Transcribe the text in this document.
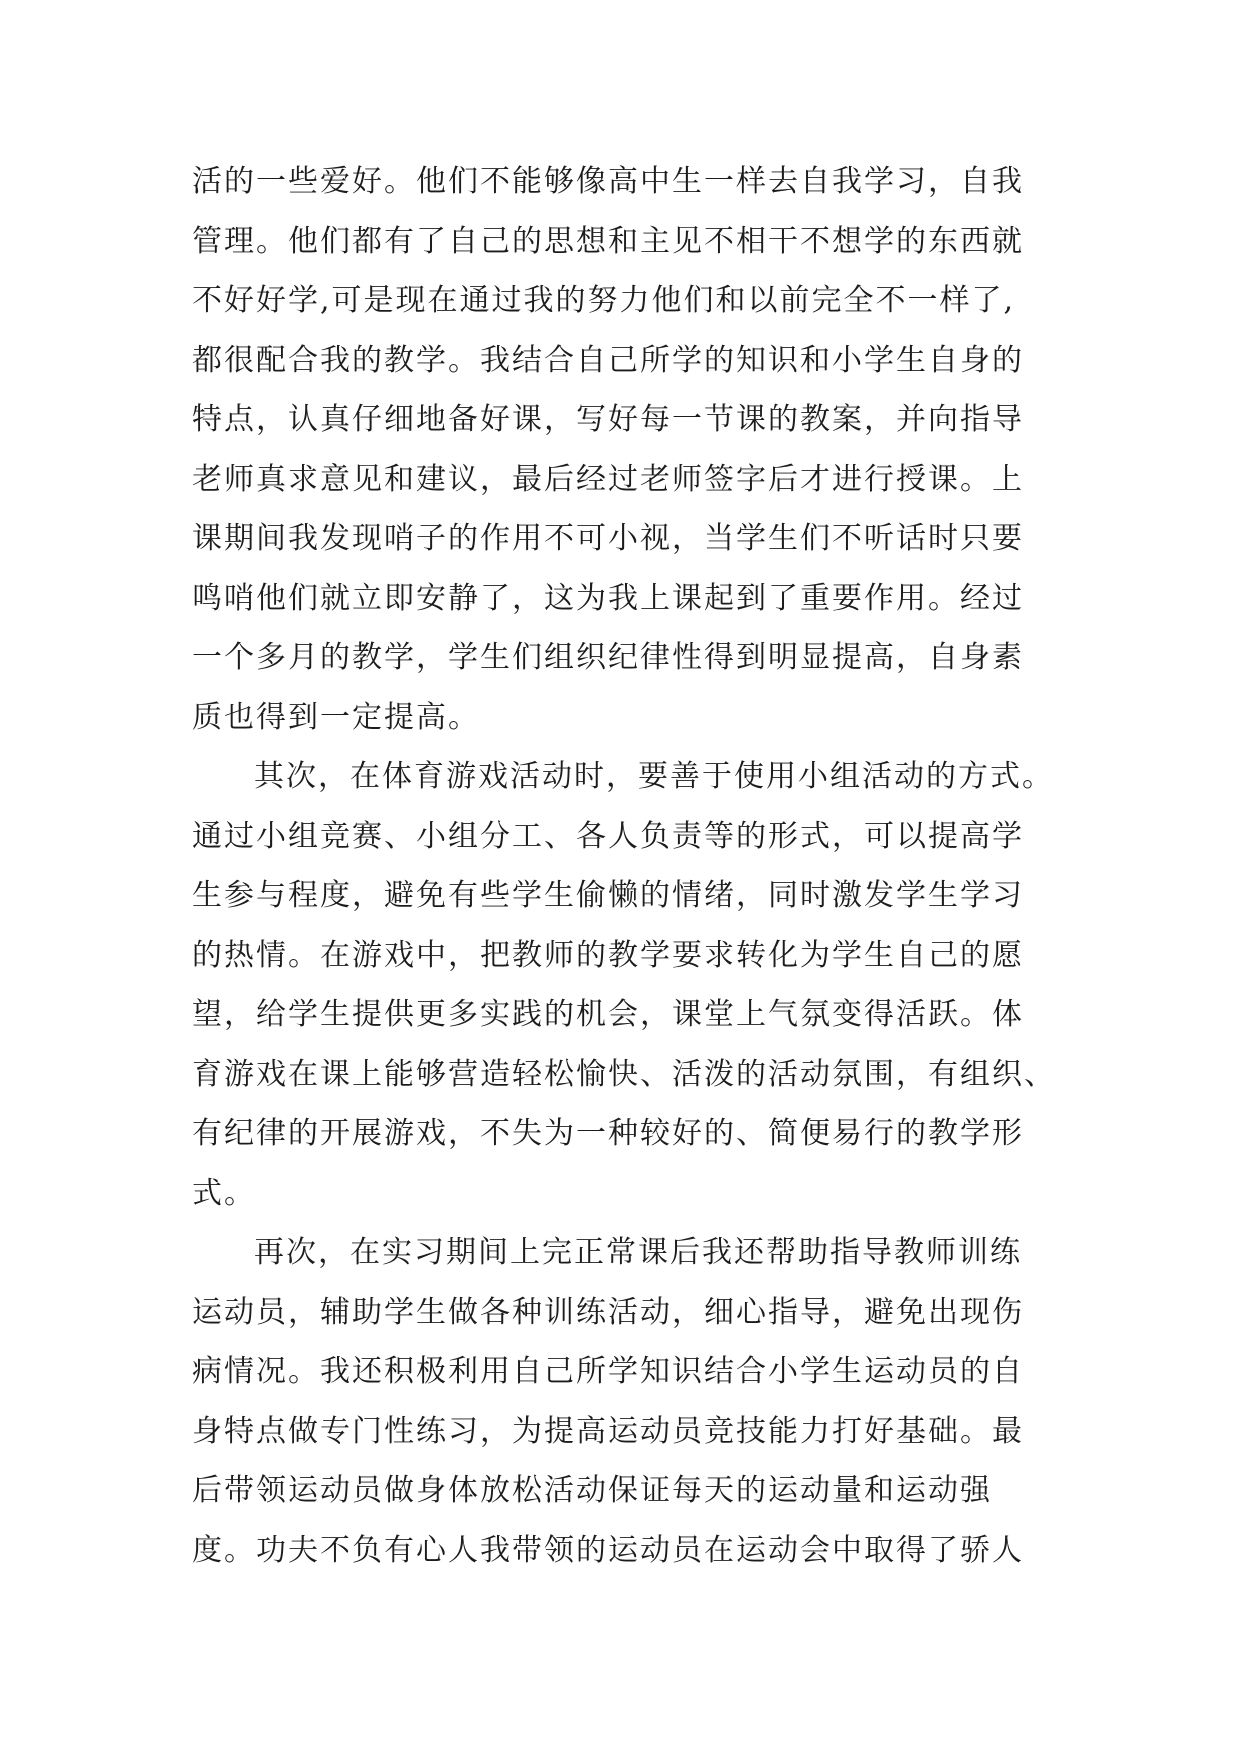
活的一些爱好。他们不能够像高中生一样去自我学习，自我
管理。他们都有了自己的思想和主见不相干不想学的东西就
不好好学,可是现在通过我的努力他们和以前完全不一样了,
都很配合我的教学。我结合自己所学的知识和小学生自身的
特点，认真仔细地备好课，写好每一节课的教案，并向指导
老师真求意见和建议，最后经过老师签字后才进行授课。上
课期间我发现哨子的作用不可小视，当学生们不听话时只要
鸣哨他们就立即安静了，这为我上课起到了重要作用。经过
一个多月的教学，学生们组织纪律性得到明显提高，自身素
质也得到一定提高。
其次，在体育游戏活动时，要善于使用小组活动的方式。
通过小组竞赛、小组分工、各人负责等的形式，可以提高学
生参与程度，避免有些学生偷懒的情绪，同时激发学生学习
的热情。在游戏中，把教师的教学要求转化为学生自己的愿
望，给学生提供更多实践的机会，课堂上气氛变得活跃。体
育游戏在课上能够营造轻松愉快、活泼的活动氛围，有组织、
有纪律的开展游戏，不失为一种较好的、简便易行的教学形
式。
再次，在实习期间上完正常课后我还帮助指导教师训练
运动员，辅助学生做各种训练活动，细心指导，避免出现伤
病情况。我还积极利用自己所学知识结合小学生运动员的自
身特点做专门性练习，为提高运动员竞技能力打好基础。最
后带领运动员做身体放松活动保证每天的运动量和运动强
度。功夫不负有心人我带领的运动员在运动会中取得了骄人
